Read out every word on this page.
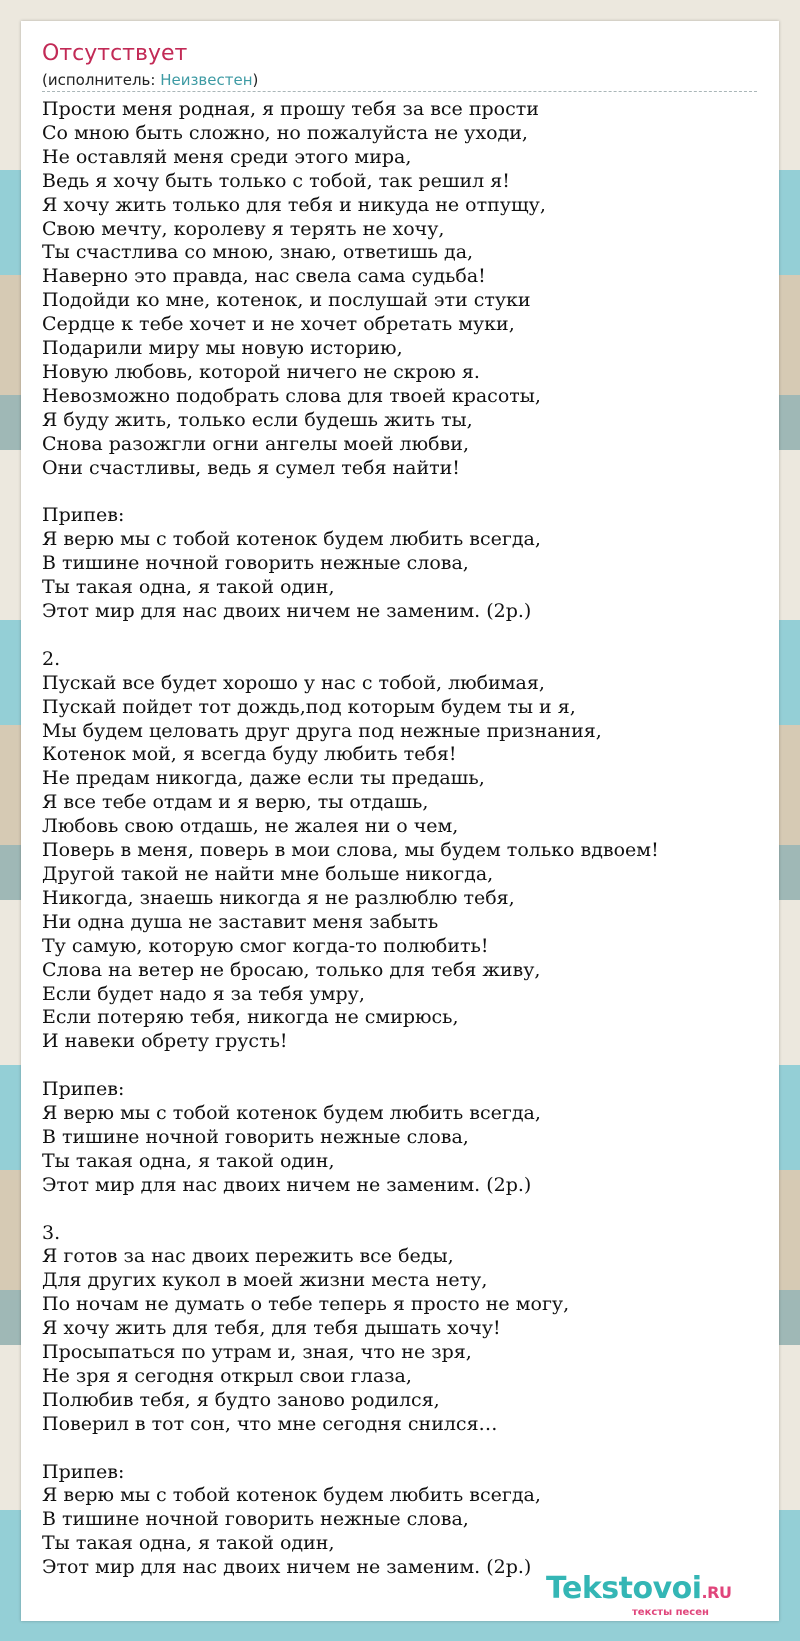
Отсутствует
(исполнитель: Неизвестен)
Прости меня родная, я прошу тебя за все прости
Со мною быть сложно, но пожалуйста не уходи,
Не оставляй меня среди этого мира,
Ведь я хочу быть только с тобой, так решил я!
Я хочу жить только для тебя и никуда не отпущу,
Свою мечту, королеву я терять не хочу,
Ты счастлива со мною, знаю, ответишь да,
Наверно это правда, нас свела сама судьба!
Подойди ко мне, котенок, и послушай эти стуки
Сердце к тебе хочет и не хочет обретать муки,
Подарили миру мы новую историю,
Новую любовь, которой ничего не скрою я.
Невозможно подобрать слова для твоей красоты,
Я буду жить, только если будешь жить ты,
Снова разожгли огни ангелы моей любви,
Они счастливы, ведь я сумел тебя найти!
Припев:
Я верю мы с тобой котенок будем любить всегда,
В тишине ночной говорить нежные слова,
Ты такая одна, я такой один,
Этот мир для нас двоих ничем не заменим. (2р.)
2.
Пускай все будет хорошо у нас с тобой, любимая,
Пускай пойдет тот дождь,под которым будем ты и я,
Мы будем целовать друг друга под нежные признания,
Котенок мой, я всегда буду любить тебя!
Не предам никогда, даже если ты предашь,
Я все тебе отдам и я верю, ты отдашь,
Любовь свою отдашь, не жалея ни о чем,
Поверь в меня, поверь в мои слова, мы будем только вдвоем!
Другой такой не найти мне больше никогда,
Никогда, знаешь никогда я не разлюблю тебя,
Ни одна душа не заставит меня забыть
Ту самую, которую смог когда-то полюбить!
Слова на ветер не бросаю, только для тебя живу,
Если будет надо я за тебя умру,
Если потеряю тебя, никогда не смирюсь,
И навеки обрету грусть!
Припев:
Я верю мы с тобой котенок будем любить всегда,
В тишине ночной говорить нежные слова,
Ты такая одна, я такой один,
Этот мир для нас двоих ничем не заменим. (2р.)
3.
Я готов за нас двоих пережить все беды,
Для других кукол в моей жизни места нету,
По ночам не думать о тебе теперь я просто не могу,
Я хочу жить для тебя, для тебя дышать хочу!
Просыпаться по утрам и, зная, что не зря,
Не зря я сегодня открыл свои глаза,
Полюбив тебя, я будто заново родился,
Поверил в тот сон, что мне сегодня снился…
Припев:
Я верю мы с тобой котенок будем любить всегда,
В тишине ночной говорить нежные слова,
Ты такая одна, я такой один,
Этот мир для нас двоих ничем не заменим. (2р.)
Tekstovoi.RU
тексты песен
